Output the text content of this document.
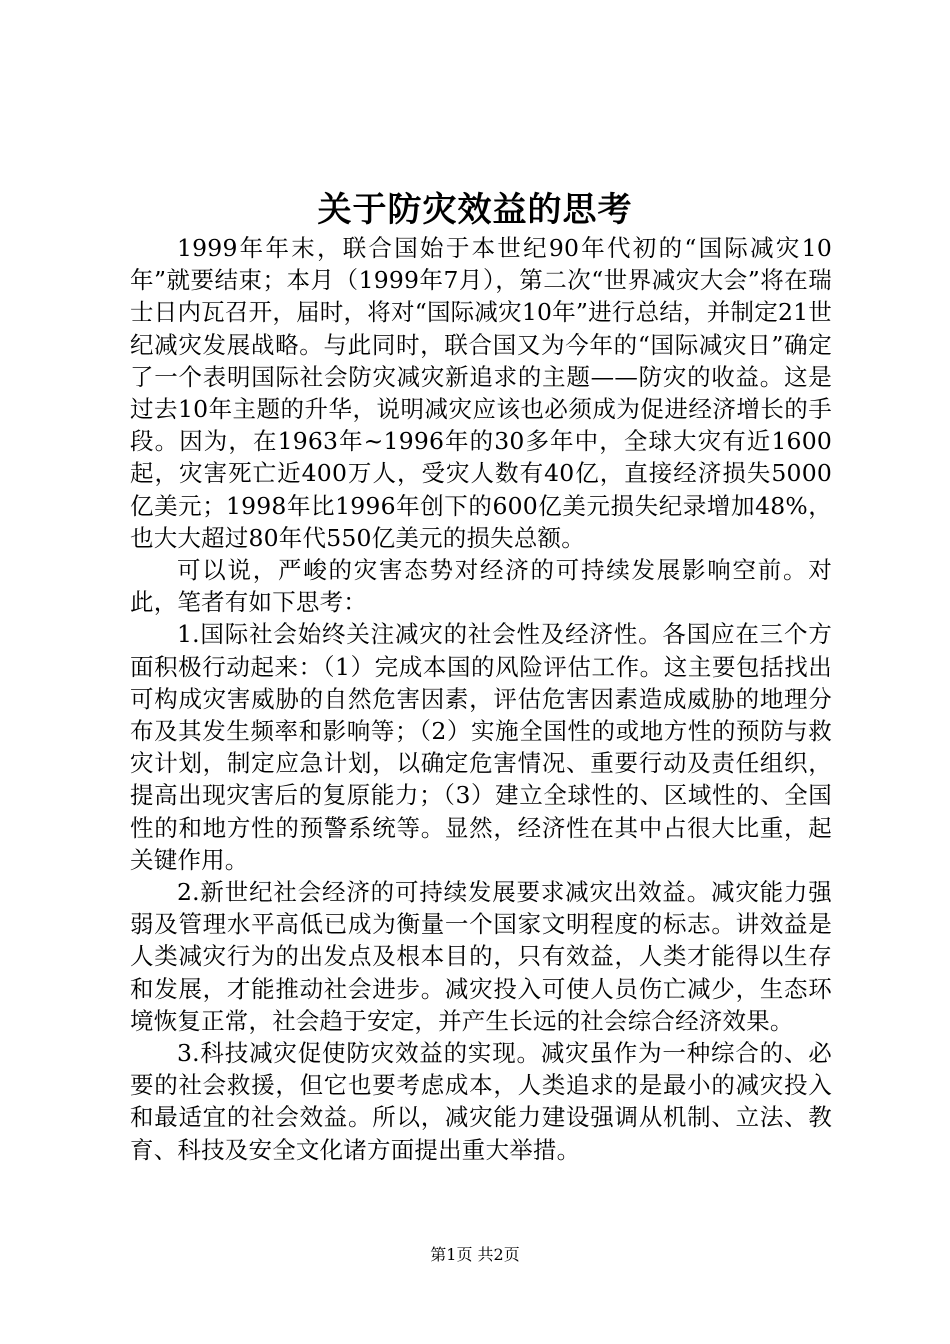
关于防灾效益的思考

1999年年末，联合国始于本世纪90年代初的“国际减灾10年”就要结束；本月（1999年7月），第二次“世界减灾大会”将在瑞士日内瓦召开，届时，将对“国际减灾10年”进行总结，并制定21世纪减灾发展战略。与此同时，联合国又为今年的“国际减灾日”确定了一个表明国际社会防灾减灾新追求的主题——防灾的收益。这是过去10年主题的升华，说明减灾应该也必须成为促进经济增长的手段。因为，在1963年~1996年的30多年中，全球大灾有近1600起，灾害死亡近400万人，受灾人数有40亿，直接经济损失5000亿美元；1998年比1996年创下的600亿美元损失纪录增加48%，也大大超过80年代550亿美元的损失总额。

可以说，严峻的灾害态势对经济的可持续发展影响空前。对此，笔者有如下思考：

1.国际社会始终关注减灾的社会性及经济性。各国应在三个方面积极行动起来：（1）完成本国的风险评估工作。这主要包括找出可构成灾害威胁的自然危害因素，评估危害因素造成威胁的地理分布及其发生频率和影响等；（2）实施全国性的或地方性的预防与救灾计划，制定应急计划，以确定危害情况、重要行动及责任组织，提高出现灾害后的复原能力；（3）建立全球性的、区域性的、全国性的和地方性的预警系统等。显然，经济性在其中占很大比重，起关键作用。

2.新世纪社会经济的可持续发展要求减灾出效益。减灾能力强弱及管理水平高低已成为衡量一个国家文明程度的标志。讲效益是人类减灾行为的出发点及根本目的，只有效益，人类才能得以生存和发展，才能推动社会进步。减灾投入可使人员伤亡减少，生态环境恢复正常，社会趋于安定，并产生长远的社会综合经济效果。

3.科技减灾促使防灾效益的实现。减灾虽作为一种综合的、必要的社会救援，但它也要考虑成本，人类追求的是最小的减灾投入和最适宜的社会效益。所以，减灾能力建设强调从机制、立法、教育、科技及安全文化诸方面提出重大举措。

第1页 共2页
